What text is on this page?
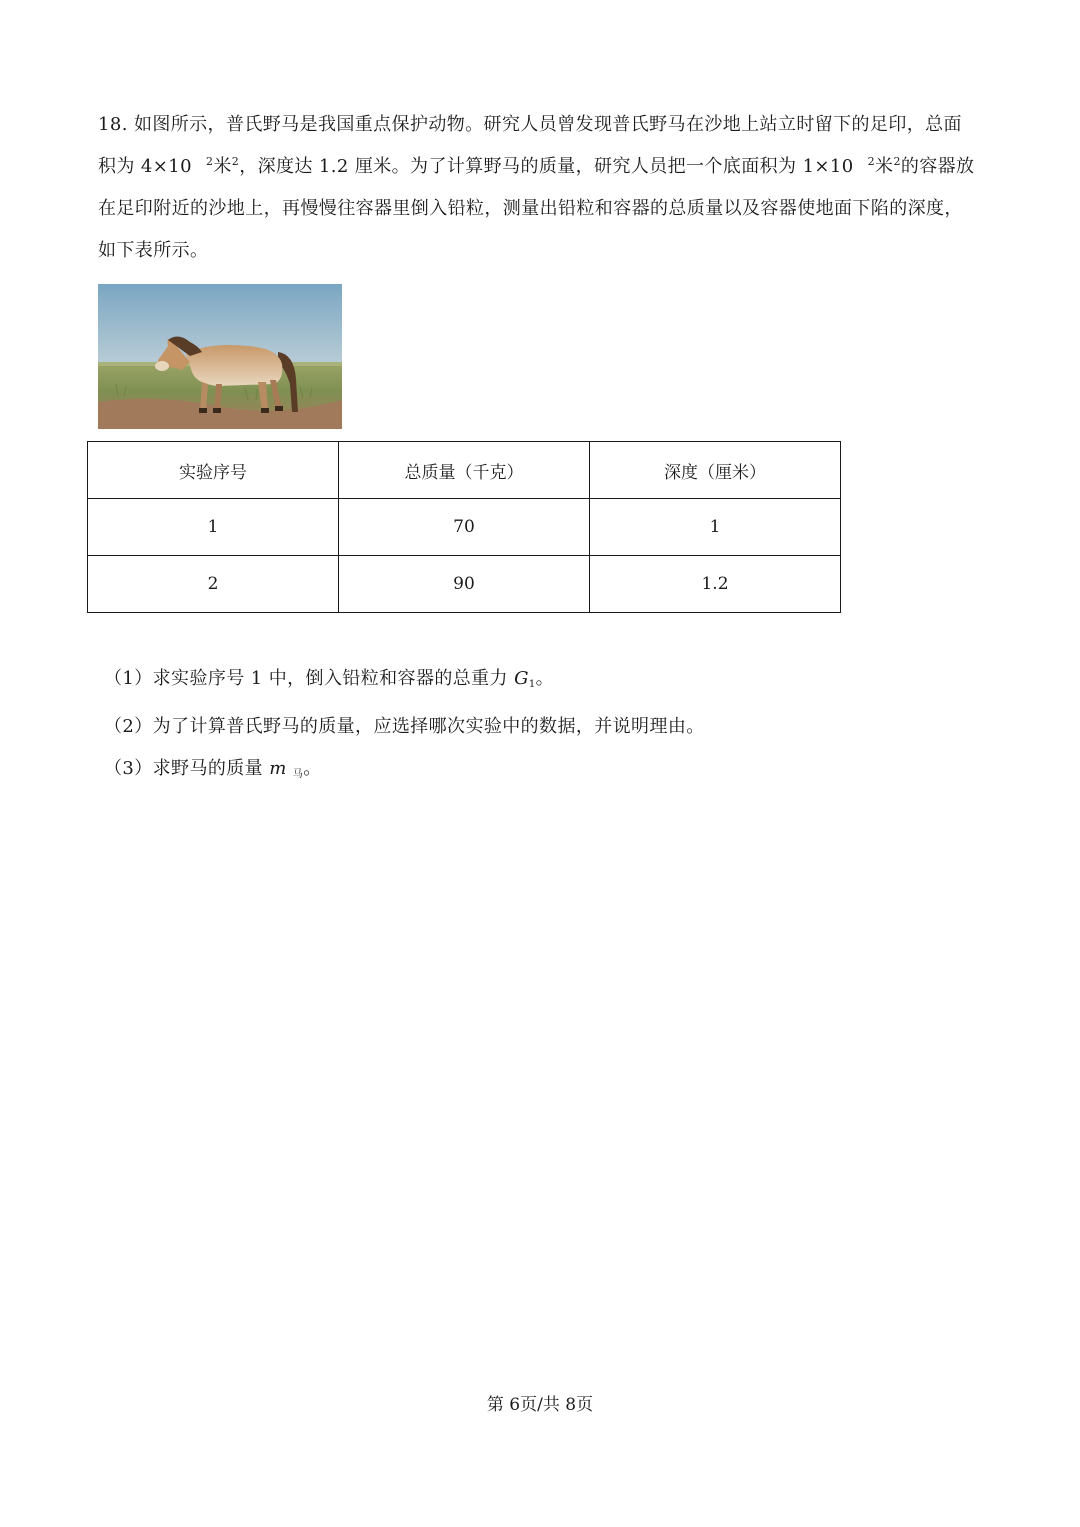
18. 如图所示，普氏野马是我国重点保护动物。研究人员曾发现普氏野马在沙地上站立时留下的足印，总面

积为 4×10 $^2$米$^2$，深度达 1.2 厘米。为了计算野马的质量，研究人员把一个底面积为 1×10 $^2$米$^2$的容器放

在足印附近的沙地上，再慢慢往容器里倒入铅粒，测量出铅粒和容器的总质量以及容器使地面下陷的深度，

如下表所示。

实验序号	总质量（千克）	深度（厘米）
1	70	1
2	90	1.2

（1）求实验序号 1 中，倒入铅粒和容器的总重力 $G_1$。

（2）为了计算普氏野马的质量，应选择哪次实验中的数据，并说明理由。

（3）求野马的质量 m $_马$。

第 6页/共 8页
